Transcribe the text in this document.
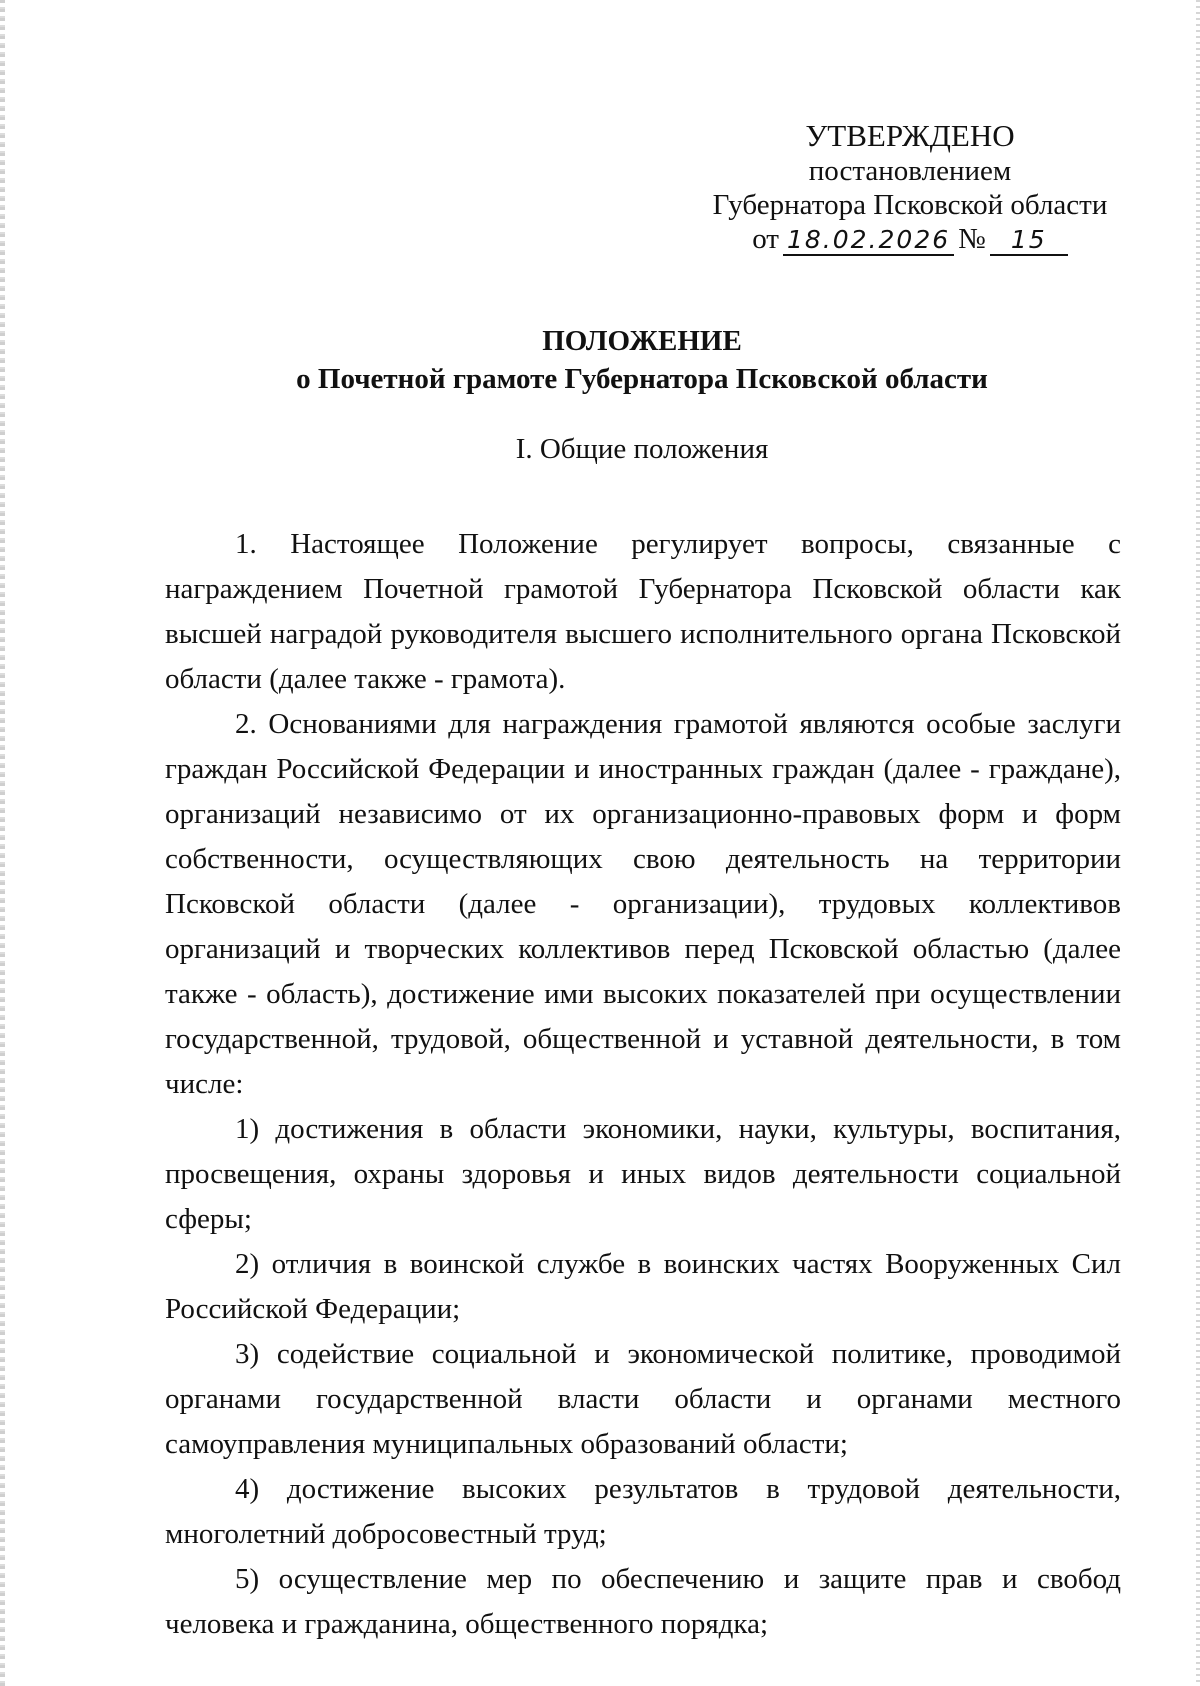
УТВЕРЖДЕНО
постановлением
Губернатора Псковской области
от 18.02.2026 №	15
ПОЛОЖЕНИЕ
о Почетной грамоте Губернатора Псковской области
I. Общие положения

1. Настоящее Положение регулирует вопросы, связанные с награждением Почетной грамотой Губернатора Псковской области как высшей наградой руководителя высшего исполнительного органа Псковской области (далее также - грамота).

2. Основаниями для награждения грамотой являются особые заслуги граждан Российской Федерации и иностранных граждан (далее - граждане), организаций независимо от их организационно-правовых форм и форм собственности, осуществляющих свою деятельность на территории Псковской области (далее - организации), трудовых коллективов организаций и творческих коллективов перед Псковской областью (далее также - область), достижение ими высоких показателей при осуществлении государственной, трудовой, общественной и уставной деятельности, в том числе:

1) достижения в области экономики, науки, культуры, воспитания, просвещения, охраны здоровья и иных видов деятельности социальной сферы;

2) отличия в воинской службе в воинских частях Вооруженных Сил Российской Федерации;

3) содействие социальной и экономической политике, проводимой органами государственной власти области и органами местного самоуправления муниципальных образований области;

4) достижение высоких результатов в трудовой деятельности, многолетний добросовестный труд;

5) осуществление мер по обеспечению и защите прав и свобод человека и гражданина, общественного порядка;
